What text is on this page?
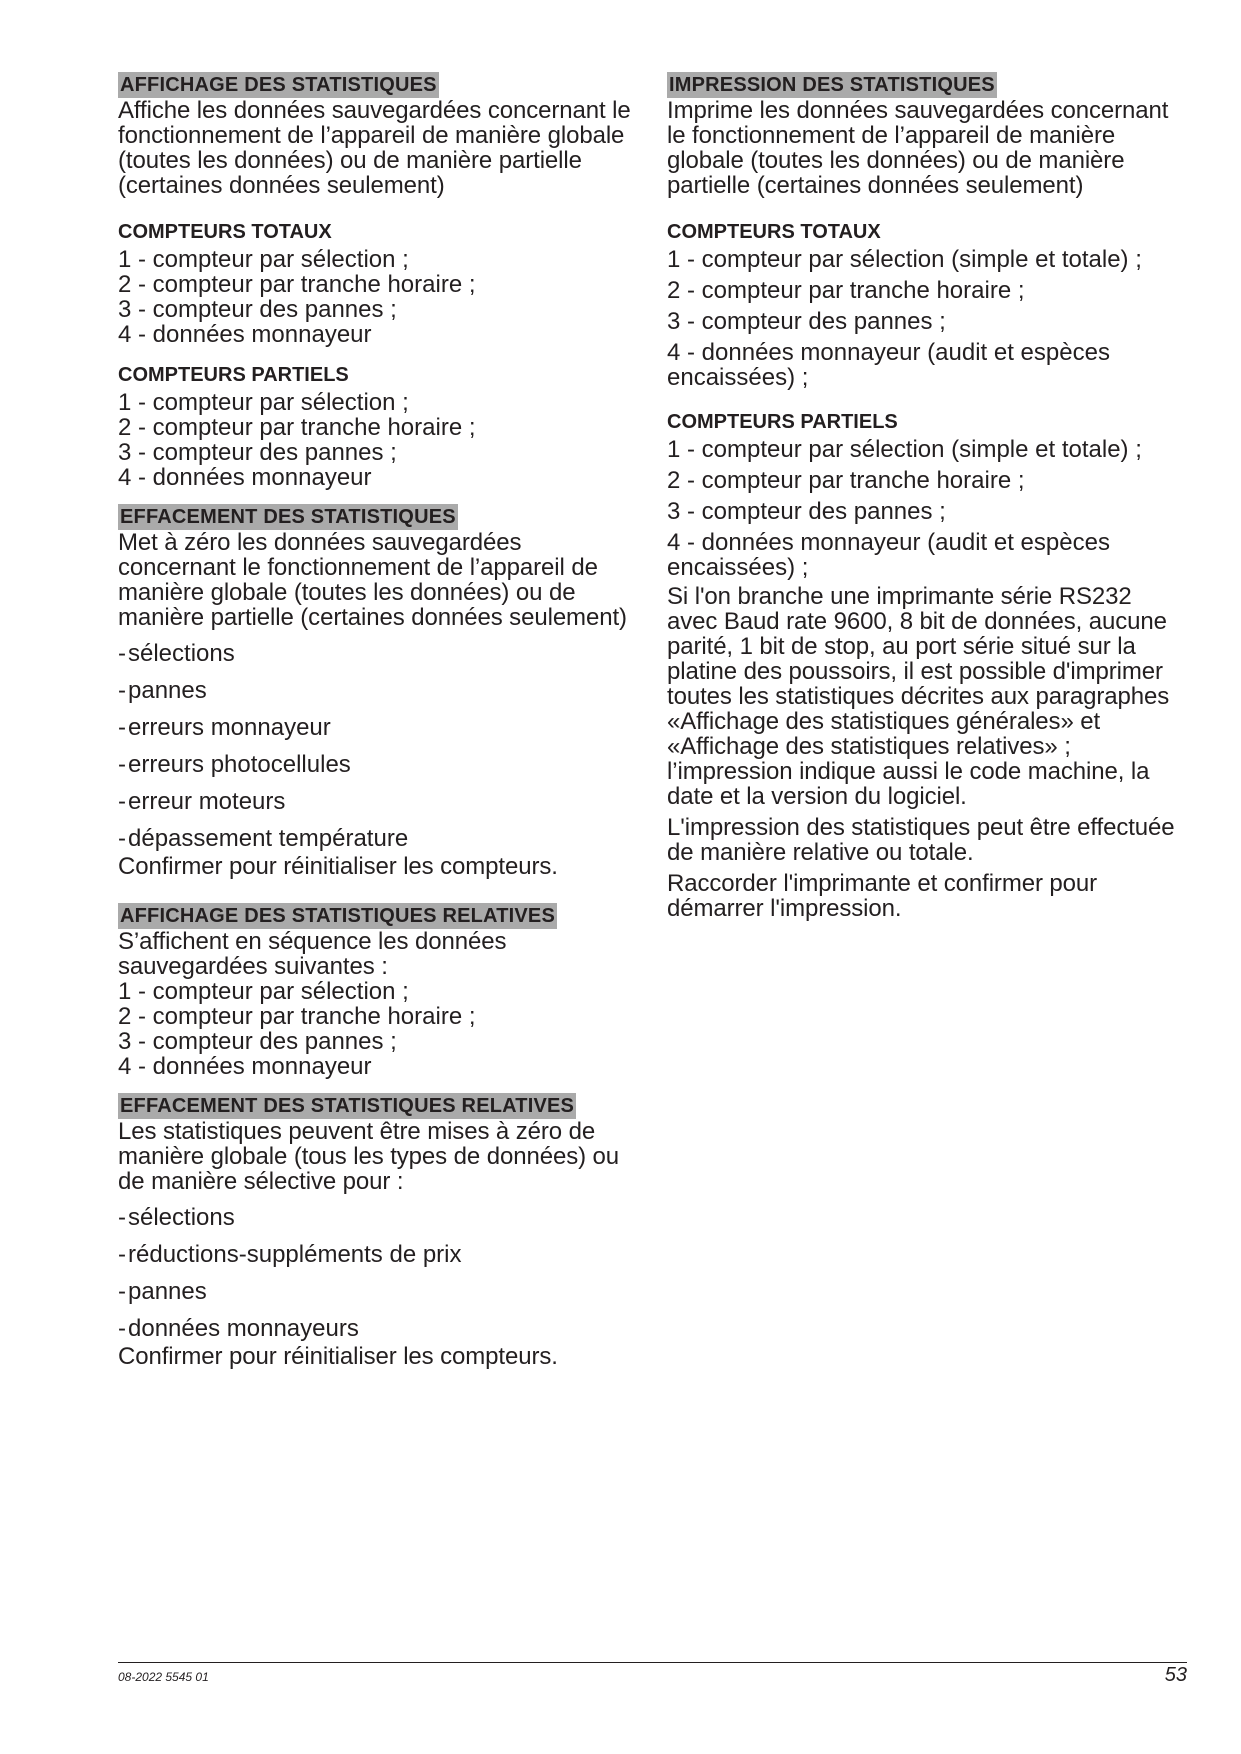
AFFICHAGE DES STATISTIQUES

Affiche les données sauvegardées concernant le fonctionnement de l’appareil de manière globale (toutes les données) ou de manière partielle (certaines données seulement)

COMPTEURS TOTAUX
1 - compteur par sélection ;
2 - compteur par tranche horaire ;
3 - compteur des pannes ;
4 - données monnayeur
COMPTEURS PARTIELS
1 - compteur par sélection ;
2 - compteur par tranche horaire ;
3 - compteur des pannes ;
4 - données monnayeur
EFFACEMENT DES STATISTIQUES

Met à zéro les données sauvegardées concernant le fonctionnement de l’appareil de manière globale (toutes les données) ou de manière partielle (certaines données seulement)

- sélections
- pannes
- erreurs monnayeur
- erreurs photocellules
- erreur moteurs
- dépassement température

Confirmer pour réinitialiser les compteurs.

AFFICHAGE DES STATISTIQUES RELATIVES

S’affichent en séquence les données sauvegardées suivantes :

1 - compteur par sélection ;
2 - compteur par tranche horaire ;
3 - compteur des pannes ;
4 - données monnayeur
EFFACEMENT DES STATISTIQUES RELATIVES

Les statistiques peuvent être mises à zéro de manière globale (tous les types de données) ou de manière sélective pour :

- sélections
- réductions-suppléments de prix
- pannes
- données monnayeurs

Confirmer pour réinitialiser les compteurs.

IMPRESSION DES STATISTIQUES

Imprime les données sauvegardées concernant le fonctionnement de l’appareil de manière globale (toutes les données) ou de manière partielle (certaines données seulement)

COMPTEURS TOTAUX
1 - compteur par sélection (simple et totale) ;
2 - compteur par tranche horaire ;
3 - compteur des pannes ;
4 - données monnayeur (audit et espèces encaissées) ;
COMPTEURS PARTIELS
1 - compteur par sélection (simple et totale) ;
2 - compteur par tranche horaire ;
3 - compteur des pannes ;
4 - données monnayeur (audit et espèces encaissées) ;

Si l'on branche une imprimante série RS232 avec Baud rate 9600, 8 bit de données, aucune parité, 1 bit de stop, au port série situé sur la platine des poussoirs, il est possible d'imprimer toutes les statistiques décrites aux paragraphes «Affichage des statistiques générales» et «Affichage des statistiques relatives» ; l’impression indique aussi le code machine, la date et la version du logiciel.

L'impression des statistiques peut être effectuée de manière relative ou totale.

Raccorder l'imprimante et confirmer pour démarrer l'impression.

08-2022 5545 01	53
